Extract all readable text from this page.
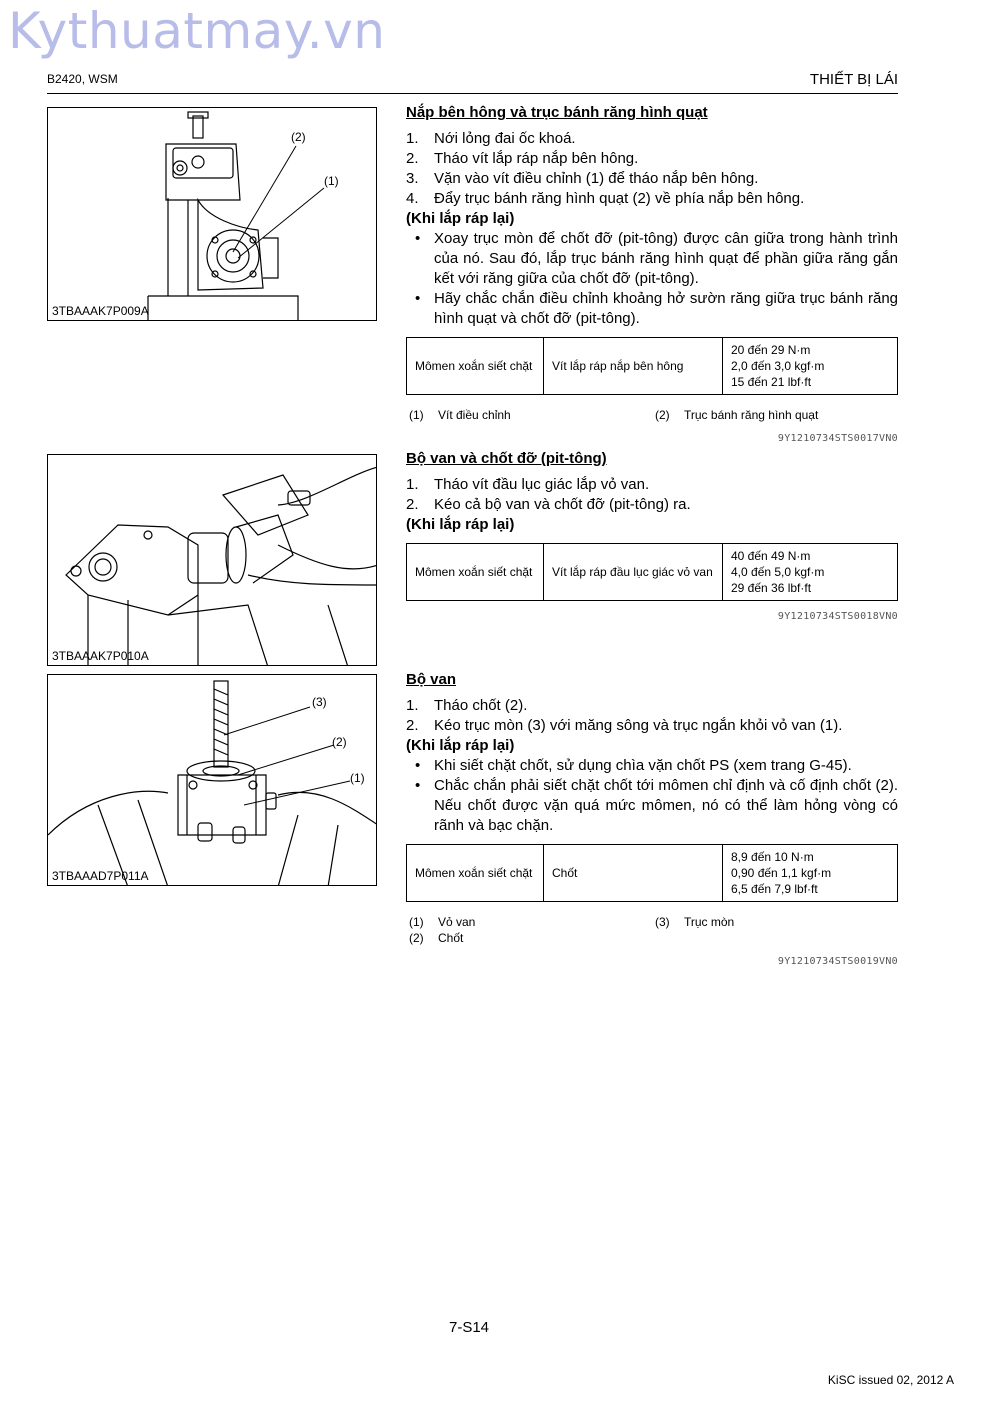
Kythuatmay.vn
B2420, WSM	THIẾT BỊ LÁI
(2)
(1)
3TBAAAK7P009A
Nắp bên hông và trục bánh răng hình quạt
1. Nới lỏng đai ốc khoá.
2. Tháo vít lắp ráp nắp bên hông.
3. Vặn vào vít điều chỉnh (1) để tháo nắp bên hông.
4. Đẩy trục bánh răng hình quạt (2) về phía nắp bên hông.
(Khi lắp ráp lại)
• Xoay trục mòn để chốt đỡ (pit-tông) được cân giữa trong hành trình của nó. Sau đó, lắp trục bánh răng hình quạt để phần giữa răng gắn kết với răng giữa của chốt đỡ (pit-tông).
• Hãy chắc chắn điều chỉnh khoảng hở sườn răng giữa trục bánh răng hình quạt và chốt đỡ (pit-tông).
Mômen xoắn siết chặt	Vít lắp ráp nắp bên hông	
20 đến 29 N·m
2,0 đến 3,0 kgf·m
15 đến 21 lbf·ft
(1) Vít điều chỉnh	(2) Trục bánh răng hình quạt
9Y1210734STS0017VN0
3TBAAAK7P010A
Bộ van và chốt đỡ (pit-tông)
1. Tháo vít đầu lục giác lắp vỏ van.
2. Kéo cả bộ van và chốt đỡ (pit-tông) ra.
(Khi lắp ráp lại)
Mômen xoắn siết chặt	Vít lắp ráp đầu lục giác vỏ van	
40 đến 49 N·m
4,0 đến 5,0 kgf·m
29 đến 36 lbf·ft
9Y1210734STS0018VN0
(3)
(2)
(1)
3TBAAAD7P011A
Bộ van
1. Tháo chốt (2).
2. Kéo trục mòn (3) với măng sông và trục ngắn khỏi vỏ van (1).
(Khi lắp ráp lại)
• Khi siết chặt chốt, sử dụng chìa vặn chốt PS (xem trang G-45).
• Chắc chắn phải siết chặt chốt tới mômen chỉ định và cố định chốt (2). Nếu chốt được vặn quá mức mômen, nó có thể làm hỏng vòng có rãnh và bạc chặn.
Mômen xoắn siết chặt	Chốt	
8,9 đến 10 N·m
0,90 đến 1,1 kgf·m
6,5 đến 7,9 lbf·ft
(1) Vỏ van	(3) Trục mòn
(2) Chốt
9Y1210734STS0019VN0
7-S14
KiSC issued 02, 2012 A
